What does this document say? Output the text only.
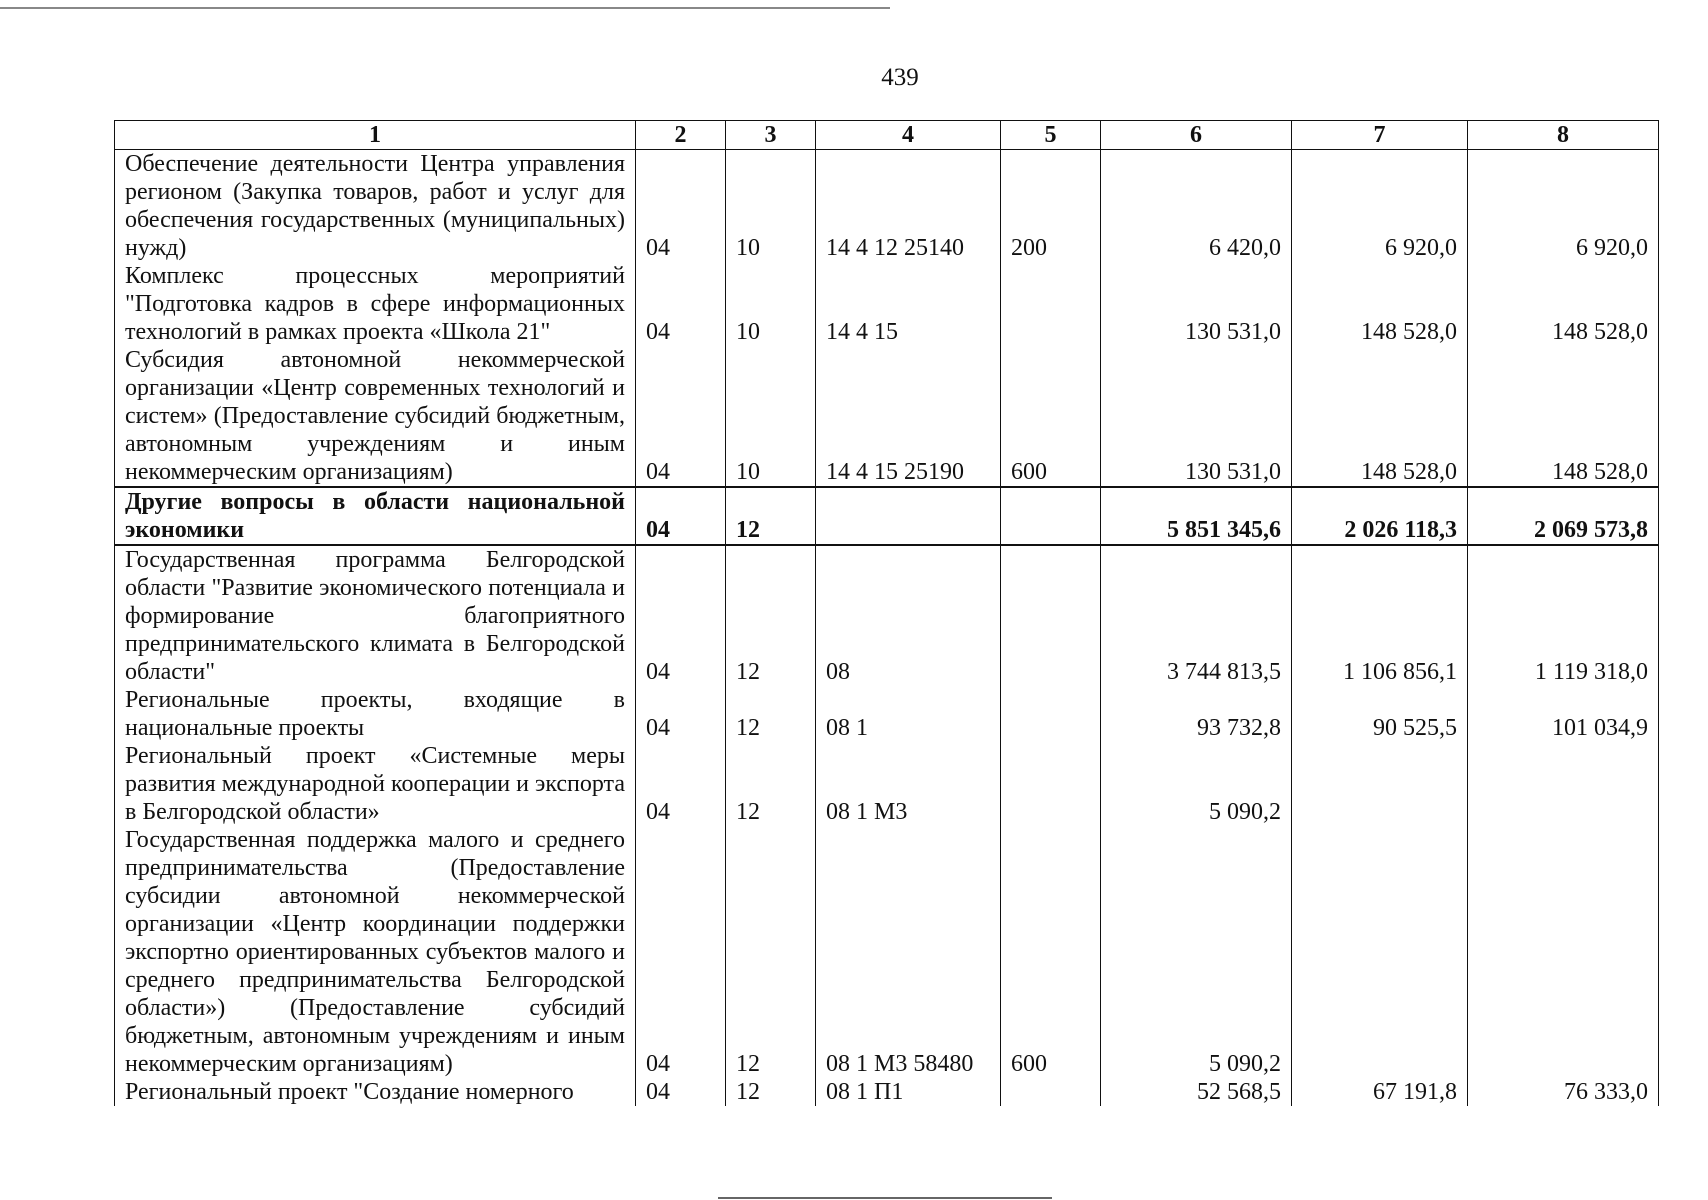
439
1	2	3	4	5	6	7	8
Обеспечение деятельности Центра управления регионом (Закупка товаров, работ и услуг для обеспечения государственных (муниципальных) нужд)	04	10	14 4 12 25140	200	6 420,0	6 920,0	6 920,0
Комплекс процессных мероприятий "Подготовка кадров в сфере информационных технологий в рамках проекта «Школа 21"	04	10	14 4 15		130 531,0	148 528,0	148 528,0
Субсидия автономной некоммерческой организации «Центр современных технологий и систем» (Предоставление субсидий бюджетным, автономным учреждениям и иным некоммерческим организациям)	04	10	14 4 15 25190	600	130 531,0	148 528,0	148 528,0
Другие вопросы в области национальной экономики	04	12			5 851 345,6	2 026 118,3	2 069 573,8
Государственная программа Белгородской области "Развитие экономического потенциала и формирование благоприятного предпринимательского климата в Белгородской области"	04	12	08		3 744 813,5	1 106 856,1	1 119 318,0
Региональные проекты, входящие в национальные проекты	04	12	08 1		93 732,8	90 525,5	101 034,9
Региональный проект «Системные меры развития международной кооперации и экспорта в Белгородской области»	04	12	08 1 M3		5 090,2		
Государственная поддержка малого и среднего предпринимательства (Предоставление субсидии автономной некоммерческой организации «Центр координации поддержки экспортно ориентированных субъектов малого и среднего предпринимательства Белгородской области») (Предоставление субсидий бюджетным, автономным учреждениям и иным некоммерческим организациям)	04	12	08 1 M3 58480	600	5 090,2		
Региональный проект "Создание номерного	04	12	08 1 П1		52 568,5	67 191,8	76 333,0
